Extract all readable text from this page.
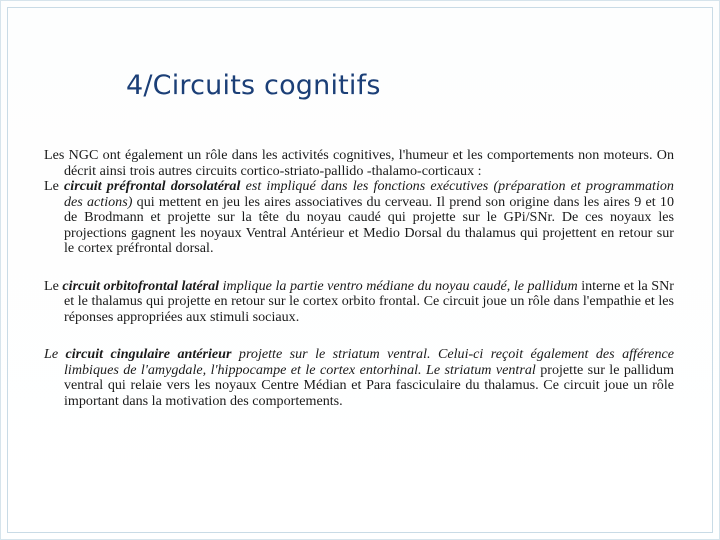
4/Circuits cognitifs

Les NGC ont également un rôle dans les activités cognitives, l'humeur et les comportements non moteurs. On décrit ainsi trois autres circuits cortico-striato-pallido -thalamo-corticaux :

Le circuit préfrontal dorsolatéral est impliqué dans les fonctions exécutives (préparation et programmation des actions) qui mettent en jeu les aires associatives du cerveau. Il prend son origine dans les aires 9 et 10 de Brodmann et projette sur la tête du noyau caudé qui projette sur le GPi/SNr. De ces noyaux les projections gagnent les noyaux Ventral Antérieur et Medio Dorsal du thalamus qui projettent en retour sur le cortex préfrontal dorsal.

Le circuit orbitofrontal latéral implique la partie ventro médiane du noyau caudé, le pallidum interne et la SNr et le thalamus qui projette en retour sur le cortex orbito frontal. Ce circuit joue un rôle dans l'empathie et les réponses appropriées aux stimuli sociaux.

Le circuit cingulaire antérieur projette sur le striatum ventral. Celui-ci reçoit également des afférence limbiques de l'amygdale, l'hippocampe et le cortex entorhinal. Le striatum ventral projette sur le pallidum ventral qui relaie vers les noyaux Centre Médian et Para fasciculaire du thalamus. Ce circuit joue un rôle important dans la motivation des comportements.
